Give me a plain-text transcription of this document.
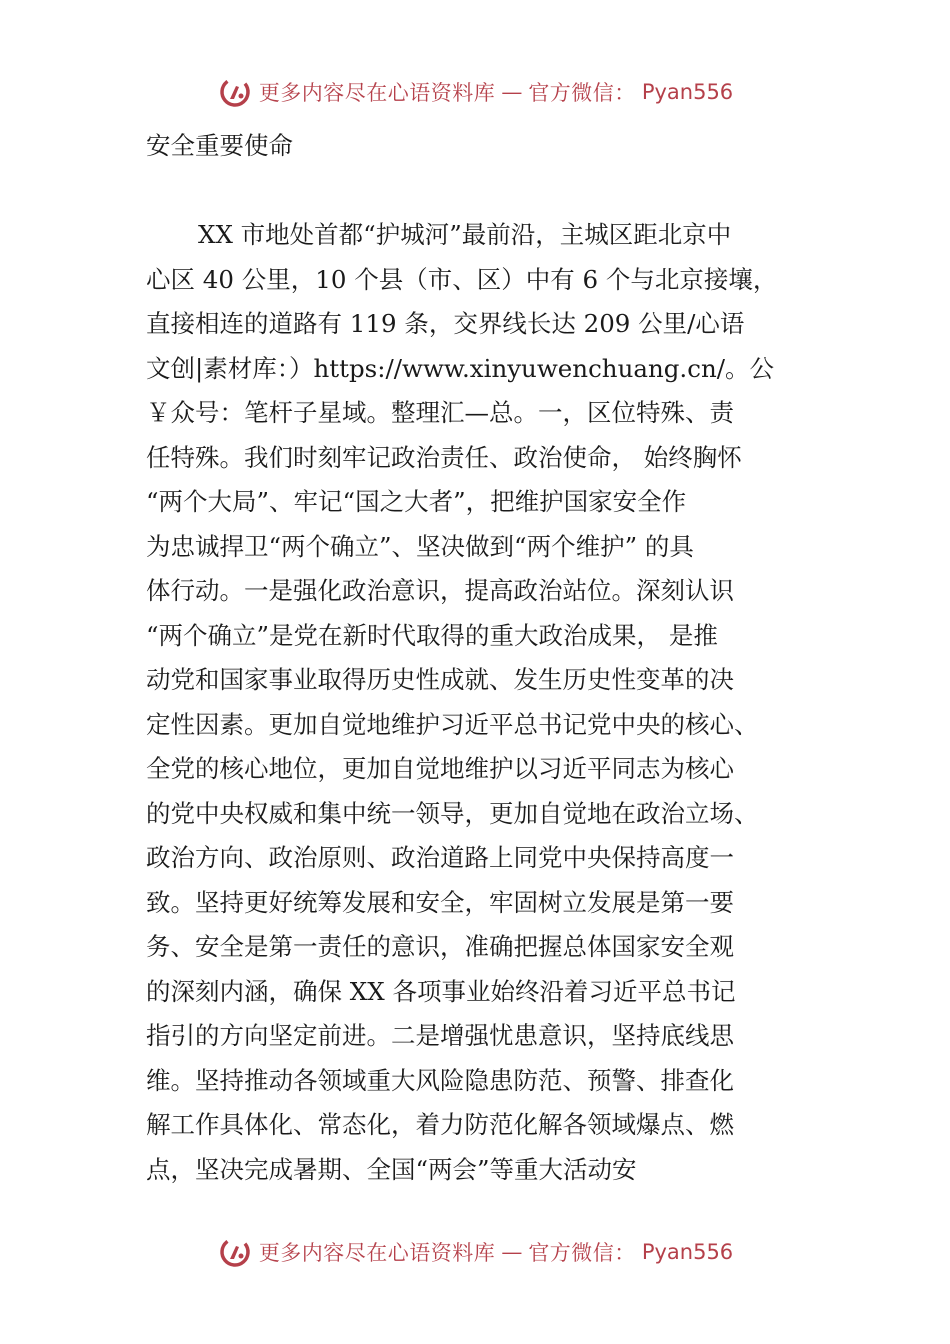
更多内容尽在心语资料库 — 官方微信： Pyan556
安全重要使命
XX 市地处首都“护城河”最前沿，主城区距北京中
心区 40 公里，10 个县（市、区）中有 6 个与北京接壤，
直接相连的道路有 119 条，交界线长达 209 公里/心语
文创|素材库：）https://www.xinyuwenchuang.cn/。公
￥众号：笔杆子星域。整理汇—总。一，区位特殊、责
任特殊。我们时刻牢记政治责任、政治使命， 始终胸怀
“两个大局”、牢记“国之大者”，把维护国家安全作
为忠诚捍卫“两个确立”、坚决做到“两个维护” 的具
体行动。一是强化政治意识，提高政治站位。深刻认识
“两个确立”是党在新时代取得的重大政治成果， 是推
动党和国家事业取得历史性成就、发生历史性变革的决
定性因素。更加自觉地维护习近平总书记党中央的核心、
全党的核心地位，更加自觉地维护以习近平同志为核心
的党中央权威和集中统一领导，更加自觉地在政治立场、
政治方向、政治原则、政治道路上同党中央保持高度一
致。坚持更好统筹发展和安全，牢固树立发展是第一要
务、安全是第一责任的意识，准确把握总体国家安全观
的深刻内涵，确保 XX 各项事业始终沿着习近平总书记
指引的方向坚定前进。二是增强忧患意识，坚持底线思
维。坚持推动各领域重大风险隐患防范、预警、排查化
解工作具体化、常态化，着力防范化解各领域爆点、燃
点，坚决完成暑期、全国“两会”等重大活动安
更多内容尽在心语资料库 — 官方微信： Pyan556
